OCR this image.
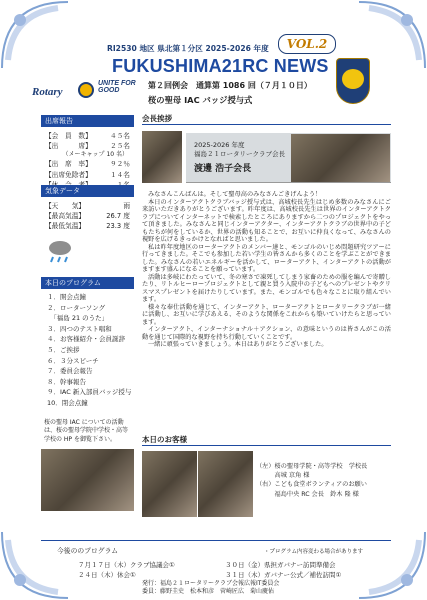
RI2530 地区 県北第１分区 2025-2026 年度	VOL.2
FUKUSHIMA21RC NEWS
Rotary
UNITE FOR GOOD
第２回例会　通算第 1086 回（７月１０日）
桜の聖母 IAC バッジ授与式
出席報告
【会　員　数】	４５名
【出　　　席】	２５名
（メーキャップ 10 名）
【出　席　率】	９２％
【出席免除者】	１４名
気象データ
【天　　気】	雨
【最高気温】	26.7 度
【最低気温】	23.3 度
本日のプログラム
１．開会点鐘
２．ローターソング
　「福島 21 のうた」
３．四つのテスト唱和
４．お客様紹介・会員誕辞
５．ご挨拶
６．３分スピーチ
７．委員会報告
８．幹事報告
９．IAC 新入部員バッジ授与
10．閉会点鐘
桜の聖母 IAC についての活動は、桜の聖母学院中学校・高等学校の HP を御覧下さい。
会長挨拶
2025-2026 年度
福島２１ロータリークラブ会長
渡邊 浩子会長

みなさんこんばんは。そして聖母高のみなさんごきげんよう！

本日のインターアクトクラブバッジ授与式は、高城校長先生はじめ多数のみなさんにご来訪いただきありがとうございます。昨年度は、高城校長先生は世界のインターアクトクラブについてインターネットで検索したところにありますから二つのプロジェクトをやって頂きました。みなさんと同じインターアクター、インターアクトクラブの世界中の子どもたちが何をしているか、世界の活動も知ることで、お互いに仲良くなって、みなさんの視野を広げるきっかけとなればと思いました。

私は昨年度地区のローターアクトのメンバー達と、モンゴルのいじめ問題研究ツアーに行ってきました。そこでも参加した若い学生の皆さんから多くのことを学ぶことができました。みなさんの若いエネルギーを活かして、ローターアクト、インターアクトの活動がますます盛んになることを願っています。

活動は多岐にわたっていて、冬の寒さで凍死してしまう家畜のための服を編んで寄贈したり、リトルヒーロープロジェクトとして親と買う入院中の子どもへのプレゼントやクリスマスプレゼントを届けたりしています。また、モンゴルでも色々なことに取り組んでいます。

様々な奉仕活動を通じて、インターアクト、ローターアクトとロータリークラブが一緒に活動し、お互いに学びあえる、そのような関係をこれからも築いていけたらと思っています。

インターアクト、インターナショナル＋アクション、の意味というのは皆さんがこの活動を通じて国際的な視野を持ち行動していくことです。

一緒に頑張っていきましょう。本日はありがとうございました。

本日のお客様
（左）桜の聖母学院・高等学校　学校長
　　　高城 京角 様
（右）こども食堂ボランティアのお願い
　　　福島中央 RC 会長　鈴木 隆 様
今後ののプログラム	・プログラム内容変わる場合があります
７月１７日（木）クラブ協議会①
２４日（木）休会①
３０日（金）県担ガバナー訪問準備会
３１日（木）ガバナー公式／補佐訪問①
発行：福島２１ロータリークラブ会報広報IT委員会
委員：藤野圭史　松本和彦　菅崎匠広　菊山慶佑
